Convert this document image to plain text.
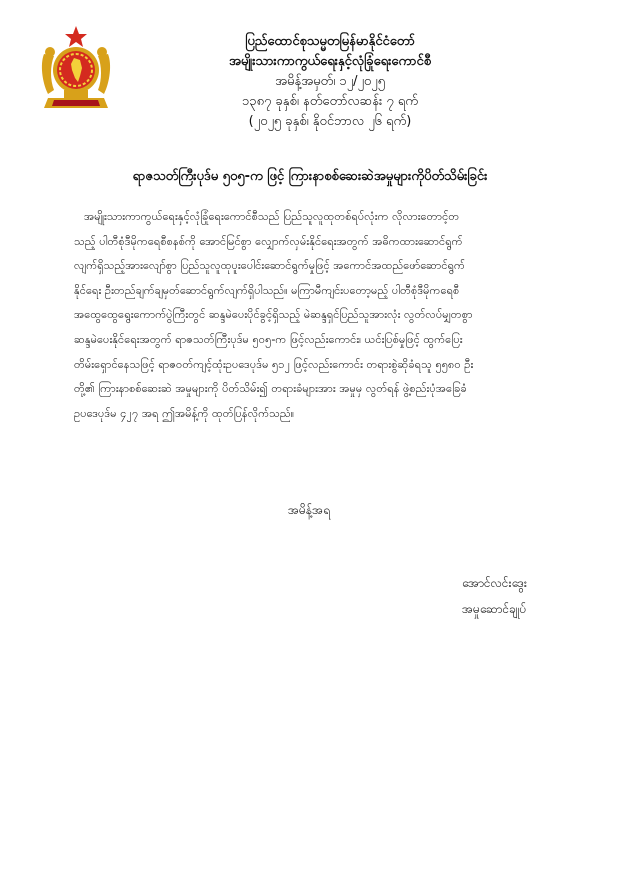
ပြည်ထောင်စုသမ္မတမြန်မာနိုင်ငံတော်
အမျိုးသားကာကွယ်ရေးနှင့်လုံခြုံရေးကောင်စီ
အမိန့်အမှတ်၊ ၁၂/၂၀၂၅
၁၃၈၇ ခုနှစ်၊ နတ်တော်လဆန်း ၇ ရက်
(၂၀၂၅ ခုနှစ်၊ နိုဝင်ဘာလ ၂၆ ရက်)
ရာဇသတ်ကြီးပုဒ်မ ၅၀၅-က ဖြင့် ကြားနာစစ်ဆေးဆဲအမှုများကိုပိတ်သိမ်းခြင်း
အမျိုးသားကာကွယ်ရေးနှင့်လုံခြုံရေးကောင်စီသည် ပြည်သူလူထုတစ်ရပ်လုံးက လိုလားတောင့်တ
သည့် ပါတီစုံဒီမိုကရေစီစနစ်ကို အောင်မြင်စွာ လျှောက်လှမ်းနိုင်ရေးအတွက် အဓိကထားဆောင်ရွက်
လျက်ရှိသည့်အားလျော်စွာ ပြည်သူလူထုပူးပေါင်းဆောင်ရွက်မှုဖြင့် အကောင်အထည်ဖော်ဆောင်ရွက်
နိုင်ရေး ဦးတည်ချက်ချမှတ်ဆောင်ရွက်လျက်ရှိပါသည်။ မကြာမီကျင်းပတော့မည့် ပါတီစုံဒီမိုကရေစီ
အထွေထွေရွေးကောက်ပွဲကြီးတွင် ဆန္ဒမဲပေးပိုင်ခွင့်ရှိသည့် မဲဆန္ဒရှင်ပြည်သူအားလုံး လွတ်လပ်မျှတစွာ
ဆန္ဒမဲပေးနိုင်ရေးအတွက် ရာဇသတ်ကြီးပုဒ်မ ၅၀၅-က ဖြင့်လည်းကောင်း၊ ယင်းပြစ်မှုဖြင့် ထွက်ပြေး
တိမ်းရှောင်နေသဖြင့် ရာဇဝတ်ကျင့်ထုံးဥပဒေပုဒ်မ ၅၁၂ ဖြင့်လည်းကောင်း တရားစွဲဆိုခံရသူ ၅၅၈၀ ဦး
တို့၏ ကြားနာစစ်ဆေးဆဲ အမှုများကို ပိတ်သိမ်း၍ တရားခံများအား အမှုမှ လွတ်ရန် ဖွဲ့စည်းပုံအခြေခံ
ဥပဒေပုဒ်မ ၄၂၇ အရ ဤအမိန့်ကို ထုတ်ပြန်လိုက်သည်။
အမိန့်အရ
အောင်လင်းဒွေး
အမှုဆောင်ချုပ်
